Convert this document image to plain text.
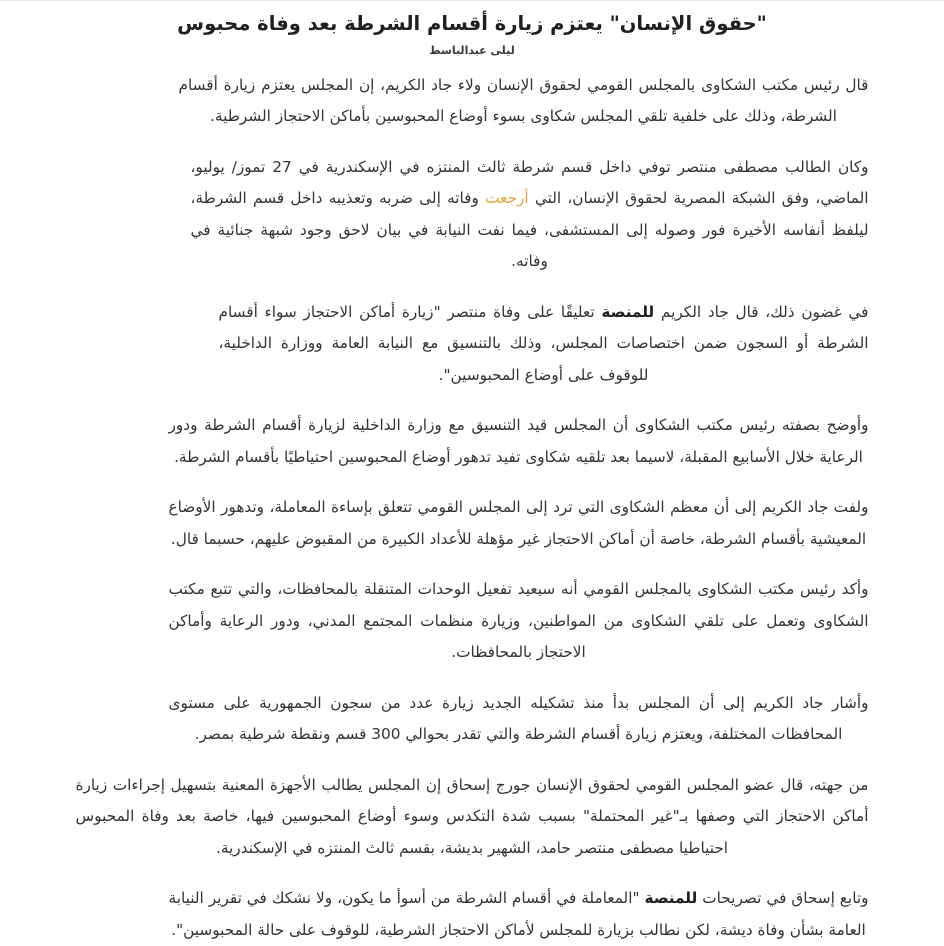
"حقوق الإنسان" يعتزم زيارة أقسام الشرطة بعد وفاة محبوس
ليلى عبدالباسط

قال رئيس مكتب الشكاوى بالمجلس القومي لحقوق الإنسان ولاء جاد الكريم، إن المجلس يعتزم زيارة أقسام الشرطة، وذلك على خلفية تلقي المجلس شكاوى بسوء أوضاع المحبوسين بأماكن الاحتجاز الشرطية.

وكان الطالب مصطفى منتصر توفي داخل قسم شرطة ثالث المنتزه في الإسكندرية في 27 تموز/ يوليو، الماضي، وفق الشبكة المصرية لحقوق الإنسان، التي أرجعت وفاته إلى ضربه وتعذيبه داخل قسم الشرطة، ليلفظ أنفاسه الأخيرة فور وصوله إلى المستشفى، فيما نفت النيابة في بيان لاحق وجود شبهة جنائية في وفاته.

في غضون ذلك، قال جاد الكريم للمنصة تعليقًا على وفاة منتصر "زيارة أماكن الاحتجاز سواء أقسام الشرطة أو السجون ضمن اختصاصات المجلس، وذلك بالتنسيق مع النيابة العامة ووزارة الداخلية، للوقوف على أوضاع المحبوسين".

وأوضح بصفته رئيس مكتب الشكاوى أن المجلس قيد التنسيق مع وزارة الداخلية لزيارة أقسام الشرطة ودور الرعاية خلال الأسابيع المقبلة، لاسيما بعد تلقيه شكاوى تفيد تدهور أوضاع المحبوسين احتياطيًا بأقسام الشرطة.

ولفت جاد الكريم إلى أن معظم الشكاوى التي ترد إلى المجلس القومي تتعلق بإساءة المعاملة، وتدهور الأوضاع المعيشية بأقسام الشرطة، خاصة أن أماكن الاحتجاز غير مؤهلة للأعداد الكبيرة من المقبوض عليهم، حسبما قال.

وأكد رئيس مكتب الشكاوى بالمجلس القومي أنه سيعيد تفعيل الوحدات المتنقلة بالمحافظات، والتي تتبع مكتب الشكاوى وتعمل على تلقي الشكاوى من المواطنين، وزيارة منظمات المجتمع المدني، ودور الرعاية وأماكن الاحتجاز بالمحافظات.

وأشار جاد الكريم إلى أن المجلس بدأ منذ تشكيله الجديد زيارة عدد من سجون الجمهورية على مستوى المحافظات المختلفة، ويعتزم زيارة أقسام الشرطة والتي تقدر بحوالي 300 قسم ونقطة شرطية بمصر.

من جهته، قال عضو المجلس القومي لحقوق الإنسان جورج إسحاق إن المجلس يطالب الأجهزة المعنية بتسهيل إجراءات زيارة أماكن الاحتجاز التي وصفها بـ"غير المحتملة" بسبب شدة التكدس وسوء أوضاع المحبوسين فيها، خاصة بعد وفاة المحبوس احتياطيا مصطفى منتصر حامد، الشهير بديشة، بقسم ثالث المنتزه في الإسكندرية.

وتابع إسحاق في تصريحات للمنصة "المعاملة في أقسام الشرطة من أسوأ ما يكون، ولا نشكك في تقرير النيابة العامة بشأن وفاة ديشة، لكن نطالب بزيارة للمجلس لأماكن الاحتجاز الشرطية، للوقوف على حالة المحبوسين".
